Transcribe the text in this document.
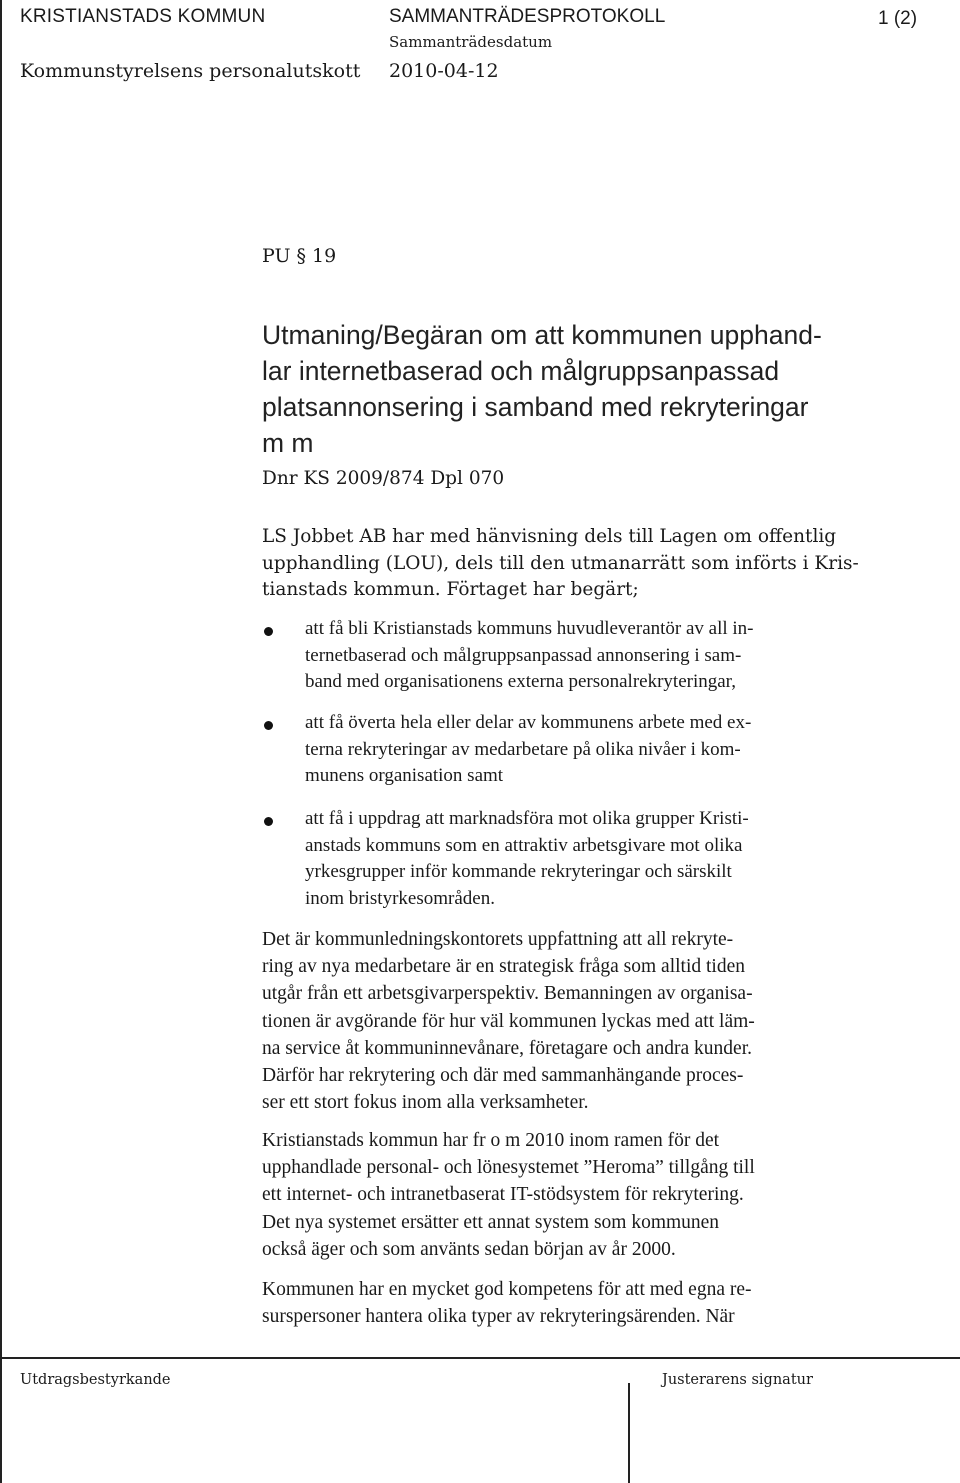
KRISTIANSTADS KOMMUN	SAMMANTRÄDESPROTOKOLL	1 (2)
Sammanträdesdatum
Kommunstyrelsens personalutskott 2010-04-12
PU § 19
Utmaning/Begäran om att kommunen upphand-
lar internetbaserad och målgruppsanpassad
platsannonsering i samband med rekryteringar
m m
Dnr KS 2009/874 Dpl 070
LS Jobbet AB har med hänvisning dels till Lagen om offentlig
upphandling (LOU), dels till den utmanarrätt som införts i Kris-
tianstads kommun. Förtaget har begärt;
att få bli Kristianstads kommuns huvudleverantör av all in-
ternetbaserad och målgruppsanpassad annonsering i sam-
band med organisationens externa personalrekryteringar,
att få överta hela eller delar av kommunens arbete med ex-
terna rekryteringar av medarbetare på olika nivåer i kom-
munens organisation samt
att få i uppdrag att marknadsföra mot olika grupper Kristi-
anstads kommuns som en attraktiv arbetsgivare mot olika
yrkesgrupper inför kommande rekryteringar och särskilt
inom bristyrkesområden.
Det är kommunledningskontorets uppfattning att all rekryte-
ring av nya medarbetare är en strategisk fråga som alltid tiden
utgår från ett arbetsgivarperspektiv. Bemanningen av organisa-
tionen är avgörande för hur väl kommunen lyckas med att läm-
na service åt kommuninnevånare, företagare och andra kunder.
Därför har rekrytering och där med sammanhängande proces-
ser ett stort fokus inom alla verksamheter.
Kristianstads kommun har fr o m 2010 inom ramen för det
upphandlade personal- och lönesystemet ”Heroma” tillgång till
ett internet- och intranetbaserat IT-stödsystem för rekrytering.
Det nya systemet ersätter ett annat system som kommunen
också äger och som använts sedan början av år 2000.
Kommunen har en mycket god kompetens för att med egna re-
surspersoner hantera olika typer av rekryteringsärenden. När
Utdragsbestyrkande	Justerarens signatur
